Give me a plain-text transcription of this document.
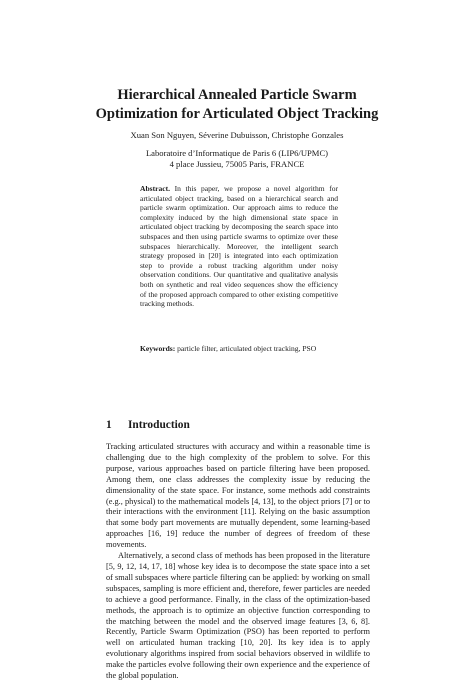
Hierarchical Annealed Particle Swarm
Optimization for Articulated Object Tracking
Xuan Son Nguyen, Séverine Dubuisson, Christophe Gonzales
Laboratoire d’Informatique de Paris 6 (LIP6/UPMC)
4 place Jussieu, 75005 Paris, FRANCE
Abstract. In this paper, we propose a novel algorithm for articulated object tracking, based on a hierarchical search and particle swarm optimization. Our approach aims to reduce the complexity induced by the high dimensional state space in articulated object tracking by decomposing the search space into subspaces and then using particle swarms to optimize over these subspaces hierarchically. Moreover, the intelligent search strategy proposed in [20] is integrated into each optimization step to provide a robust tracking algorithm under noisy observation conditions. Our quantitative and qualitative analysis both on synthetic and real video sequences show the efficiency of the proposed approach compared to other existing competitive tracking methods.
Keywords: particle filter, articulated object tracking, PSO
1 Introduction

Tracking articulated structures with accuracy and within a reasonable time is challenging due to the high complexity of the problem to solve. For this purpose, various approaches based on particle filtering have been proposed. Among them, one class addresses the complexity issue by reducing the dimensionality of the state space. For instance, some methods add constraints (e.g., physical) to the mathematical models [4, 13], to the object priors [7] or to their interactions with the environment [11]. Relying on the basic assumption that some body part movements are mutually dependent, some learning-based approaches [16, 19] reduce the number of degrees of freedom of these movements.

Alternatively, a second class of methods has been proposed in the literature [5, 9, 12, 14, 17, 18] whose key idea is to decompose the state space into a set of small subspaces where particle filtering can be applied: by working on small subspaces, sampling is more efficient and, therefore, fewer particles are needed to achieve a good performance. Finally, in the class of the optimization-based methods, the approach is to optimize an objective function corresponding to the matching between the model and the observed image features [3, 6, 8]. Recently, Particle Swarm Optimization (PSO) has been reported to perform well on articulated human tracking [10, 20]. Its key idea is to apply evolutionary algorithms inspired from social behaviors observed in wildlife to make the particles evolve following their own experience and the experience of the global population.
